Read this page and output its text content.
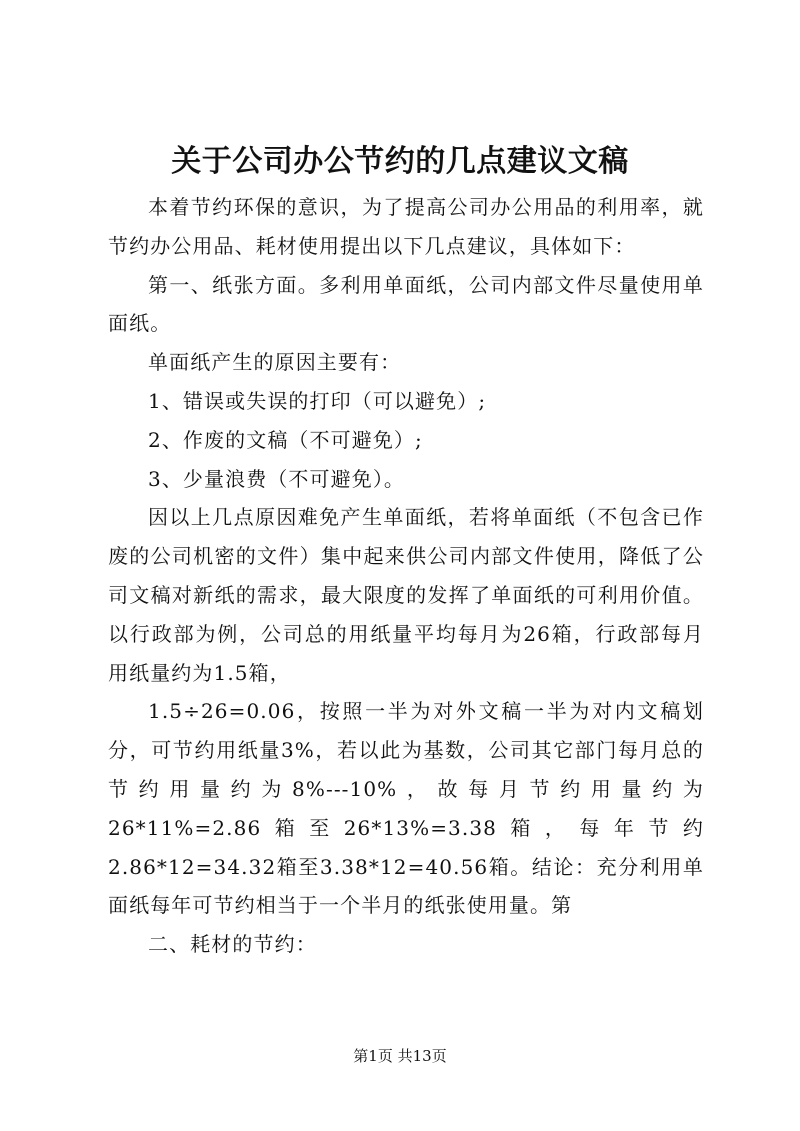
关于公司办公节约的几点建议文稿

本着节约环保的意识，为了提高公司办公用品的利用率，就节约办公用品、耗材使用提出以下几点建议，具体如下：

第一、纸张方面。多利用单面纸，公司内部文件尽量使用单面纸。

单面纸产生的原因主要有：

1、错误或失误的打印（可以避免）;

2、作废的文稿（不可避免）;

3、少量浪费（不可避免）。

因以上几点原因难免产生单面纸，若将单面纸（不包含已作废的公司机密的文件）集中起来供公司内部文件使用，降低了公司文稿对新纸的需求，最大限度的发挥了单面纸的可利用价值。以行政部为例，公司总的用纸量平均每月为26箱，行政部每月用纸量约为1.5箱，

1.5÷26=0.06，按照一半为对外文稿一半为对内文稿划分，可节约用纸量3%，若以此为基数，公司其它部门每月总的节约用量约为8%---10%，故每月节约用量约为26*11%=2.86箱至26*13%=3.38箱，每年节约2.86*12=34.32箱至3.38*12=40.56箱。结论：充分利用单面纸每年可节约相当于一个半月的纸张使用量。第

二、耗材的节约：

第1页 共13页
